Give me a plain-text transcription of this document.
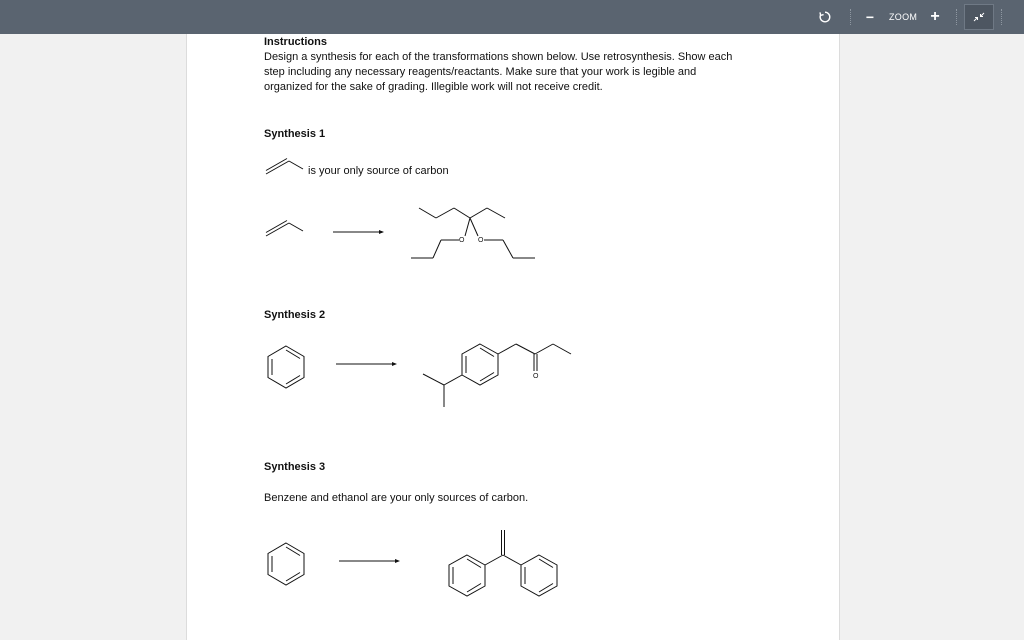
− ZOOM +
Instructions
Design a synthesis for each of the transformations shown below. Use retrosynthesis. Show each
step including any necessary reagents/reactants. Make sure that your work is legible and
organized for the sake of grading. Illegible work will not receive credit.
Synthesis 1
is your only source of carbon
O O
Synthesis 2
O
Synthesis 3
Benzene and ethanol are your only sources of carbon.
